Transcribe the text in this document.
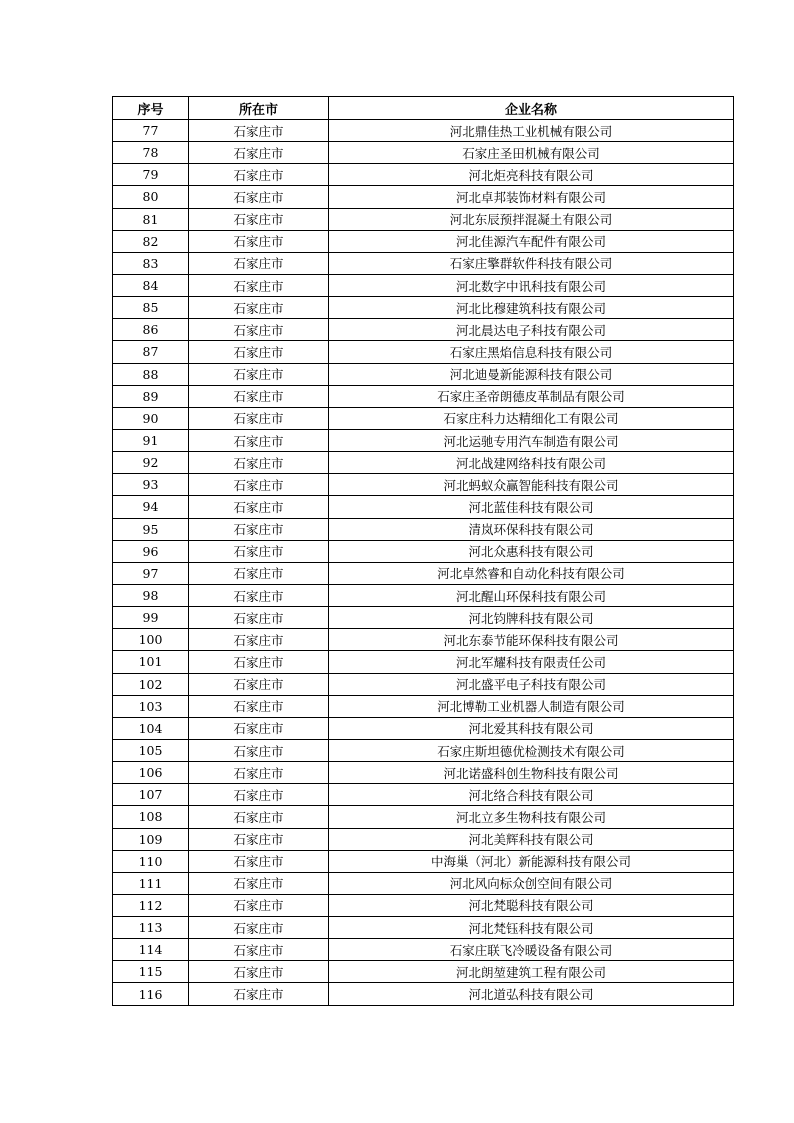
序号	所在市	企业名称
77	石家庄市	河北鼎佳热工业机械有限公司
78	石家庄市	石家庄圣田机械有限公司
79	石家庄市	河北炬亮科技有限公司
80	石家庄市	河北卓邦装饰材料有限公司
81	石家庄市	河北东辰预拌混凝土有限公司
82	石家庄市	河北佳源汽车配件有限公司
83	石家庄市	石家庄擎群软件科技有限公司
84	石家庄市	河北数字中讯科技有限公司
85	石家庄市	河北比穆建筑科技有限公司
86	石家庄市	河北晨达电子科技有限公司
87	石家庄市	石家庄黑焰信息科技有限公司
88	石家庄市	河北迪曼新能源科技有限公司
89	石家庄市	石家庄圣帝朗德皮革制品有限公司
90	石家庄市	石家庄科力达精细化工有限公司
91	石家庄市	河北运驰专用汽车制造有限公司
92	石家庄市	河北战建网络科技有限公司
93	石家庄市	河北蚂蚁众赢智能科技有限公司
94	石家庄市	河北蓝佳科技有限公司
95	石家庄市	清岚环保科技有限公司
96	石家庄市	河北众惠科技有限公司
97	石家庄市	河北卓然睿和自动化科技有限公司
98	石家庄市	河北醒山环保科技有限公司
99	石家庄市	河北钧牌科技有限公司
100	石家庄市	河北东泰节能环保科技有限公司
101	石家庄市	河北军耀科技有限责任公司
102	石家庄市	河北盛平电子科技有限公司
103	石家庄市	河北博勒工业机器人制造有限公司
104	石家庄市	河北爱其科技有限公司
105	石家庄市	石家庄斯坦德优检测技术有限公司
106	石家庄市	河北诺盛科创生物科技有限公司
107	石家庄市	河北络合科技有限公司
108	石家庄市	河北立多生物科技有限公司
109	石家庄市	河北美辉科技有限公司
110	石家庄市	中海巢（河北）新能源科技有限公司
111	石家庄市	河北风向标众创空间有限公司
112	石家庄市	河北梵聪科技有限公司
113	石家庄市	河北梵钰科技有限公司
114	石家庄市	石家庄联飞冷暖设备有限公司
115	石家庄市	河北朗堃建筑工程有限公司
116	石家庄市	河北道弘科技有限公司
